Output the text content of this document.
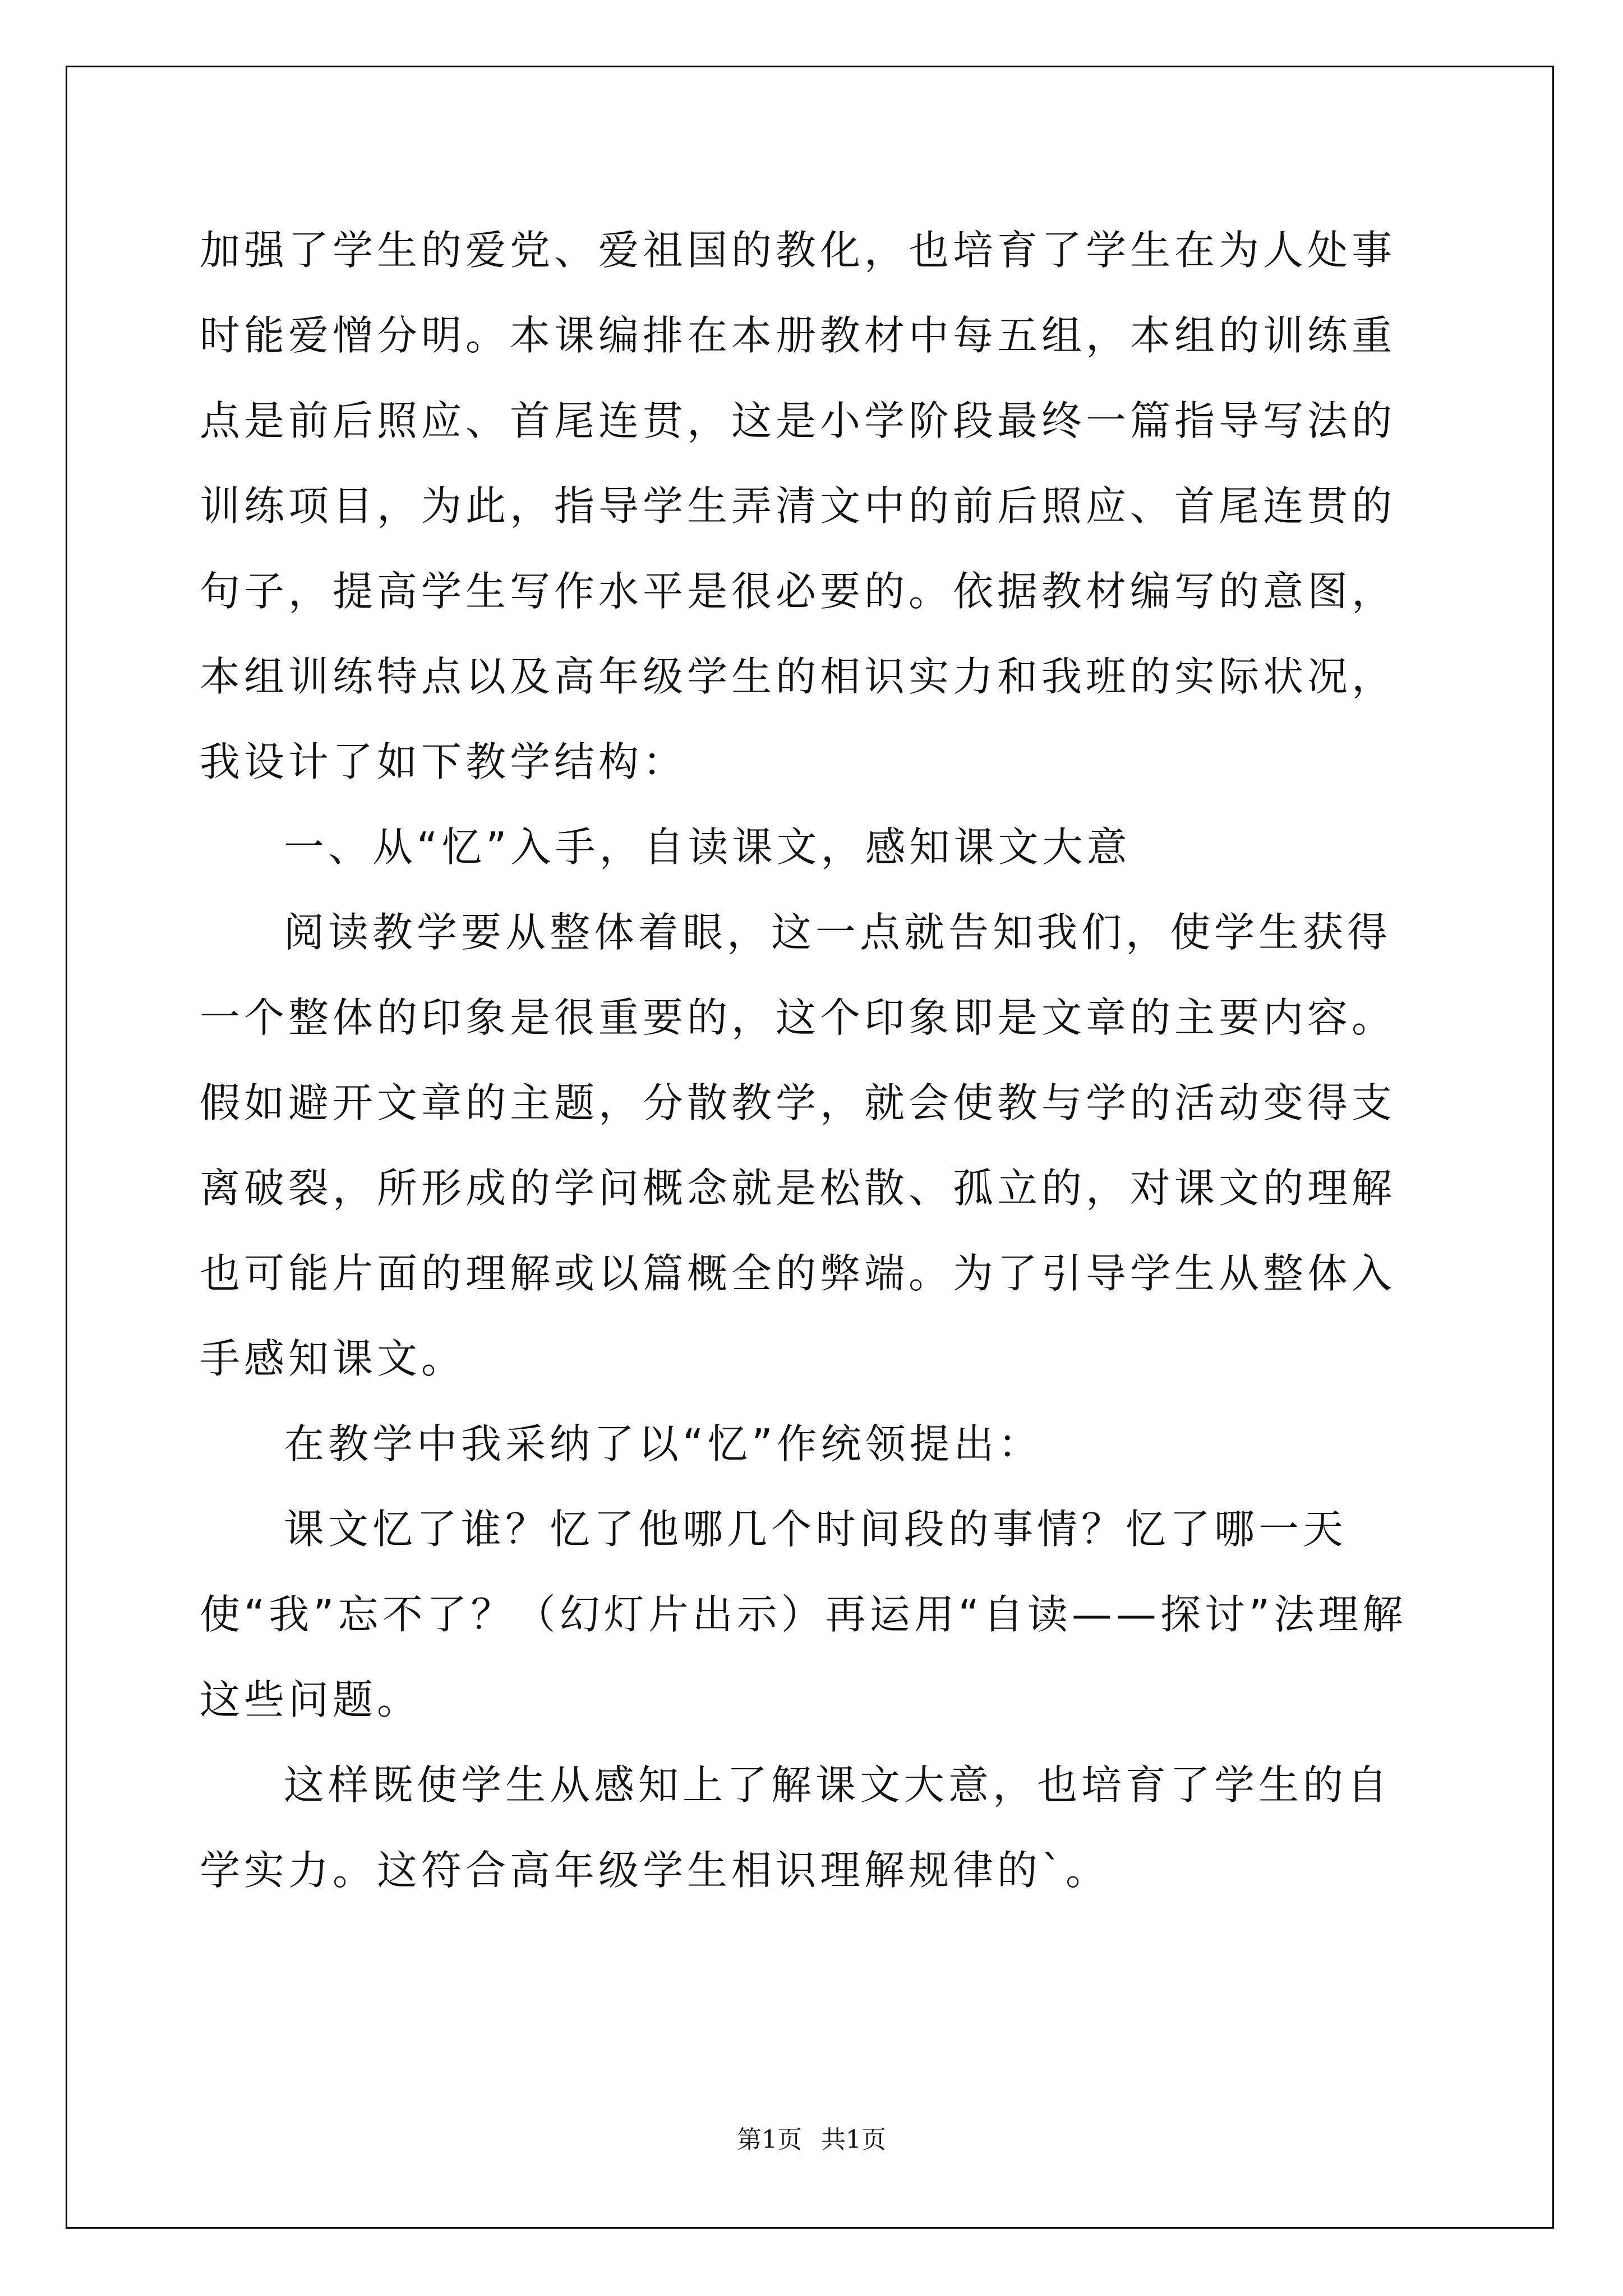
加强了学生的爱党、爱祖国的教化，也培育了学生在为人处事时能爱憎分明。本课编排在本册教材中每五组，本组的训练重点是前后照应、首尾连贯，这是小学阶段最终一篇指导写法的训练项目，为此，指导学生弄清文中的前后照应、首尾连贯的句子，提高学生写作水平是很必要的。依据教材编写的意图，本组训练特点以及高年级学生的相识实力和我班的实际状况，我设计了如下教学结构：

一、从“忆”入手，自读课文，感知课文大意

阅读教学要从整体着眼，这一点就告知我们，使学生获得一个整体的印象是很重要的，这个印象即是文章的主要内容。假如避开文章的主题，分散教学，就会使教与学的活动变得支离破裂，所形成的学问概念就是松散、孤立的，对课文的理解也可能片面的理解或以篇概全的弊端。为了引导学生从整体入手感知课文。

在教学中我采纳了以“忆”作统领提出：

课文忆了谁？忆了他哪几个时间段的事情？忆了哪一天使“我”忘不了？（幻灯片出示）再运用“自读——探讨”法理解这些问题。

这样既使学生从感知上了解课文大意，也培育了学生的自学实力。这符合高年级学生相识理解规律的`。

第1页 共1页
